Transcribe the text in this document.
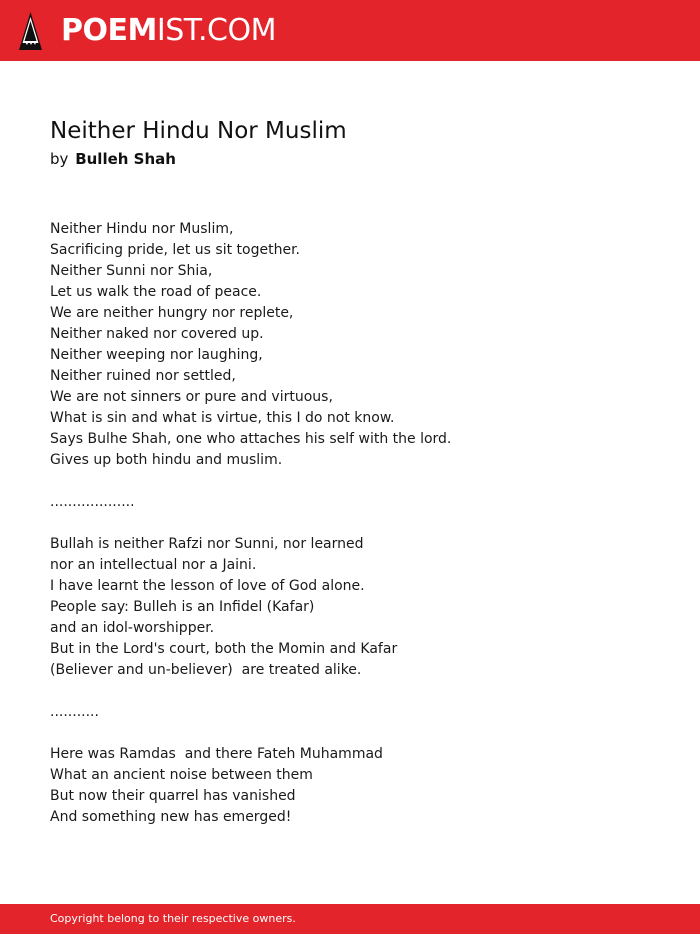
POEMIST.COM
Neither Hindu Nor Muslim
by Bulleh Shah
Neither Hindu nor Muslim,
Sacrificing pride, let us sit together.
Neither Sunni nor Shia,
Let us walk the road of peace.
We are neither hungry nor replete,
Neither naked nor covered up.
Neither weeping nor laughing,
Neither ruined nor settled,
We are not sinners or pure and virtuous,
What is sin and what is virtue, this I do not know.
Says Bulhe Shah, one who attaches his self with the lord.
Gives up both hindu and muslim.
...................
Bullah is neither Rafzi nor Sunni, nor learned
nor an intellectual nor a Jaini.
I have learnt the lesson of love of God alone.
People say: Bulleh is an Infidel (Kafar)
and an idol-worshipper.
But in the Lord's court, both the Momin and Kafar
(Believer and un-believer)  are treated alike.
...........
Here was Ramdas  and there Fateh Muhammad
What an ancient noise between them
But now their quarrel has vanished
And something new has emerged!
Copyright belong to their respective owners.
